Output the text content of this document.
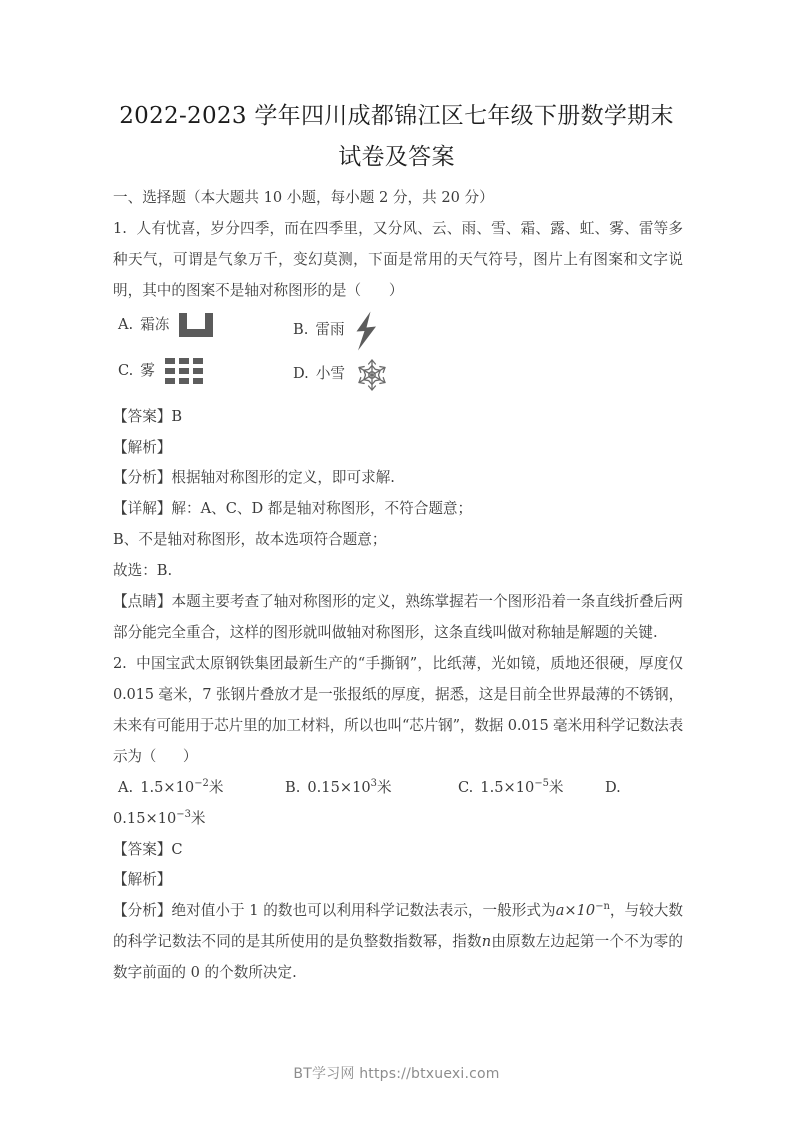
2022-2023 学年四川成都锦江区七年级下册数学期末试卷及答案

一、选择题（本大题共 10 小题，每小题 2 分，共 20 分）

1.  人有忧喜，岁分四季，而在四季里，又分风、云、雨、雪、霜、露、虹、雾、雷等多种天气，可谓是气象万千，变幻莫测，下面是常用的天气符号，图片上有图案和文字说明，其中的图案不是轴对称图形的是（      ）

A. 霜冻	B. 雷雨
C. 雾	D. 小雪

【答案】B

【解析】

【分析】根据轴对称图形的定义，即可求解.

【详解】解：A、C、D 都是轴对称图形，不符合题意；

B、不是轴对称图形，故本选项符合题意；

故选：B.

【点睛】本题主要考查了轴对称图形的定义，熟练掌握若一个图形沿着一条直线折叠后两部分能完全重合，这样的图形就叫做轴对称图形，这条直线叫做对称轴是解题的关键.

2.  中国宝武太原钢铁集团最新生产的“手撕钢”，比纸薄，光如镜，质地还很硬，厚度仅 0.015 毫米，7 张钢片叠放才是一张报纸的厚度，据悉，这是目前全世界最薄的不锈钢，未来有可能用于芯片里的加工材料，所以也叫“芯片钢”，数据 0.015 毫米用科学记数法表示为（      ）

A. $1.5\times 10^{-2}$米	B. $0.15\times 10^3$米	C. $1.5\times 10^{-5}$米	D.
$0.15\times 10^{-3}$米

【答案】C

【解析】

【分析】绝对值小于 1 的数也可以利用科学记数法表示，一般形式为$a\times 10^{-n}$，与较大数的科学记数法不同的是其所使用的是负整数指数幂，指数n由原数左边起第一个不为零的数字前面的 0 的个数所决定.

BT学习网 https://btxuexi.com
